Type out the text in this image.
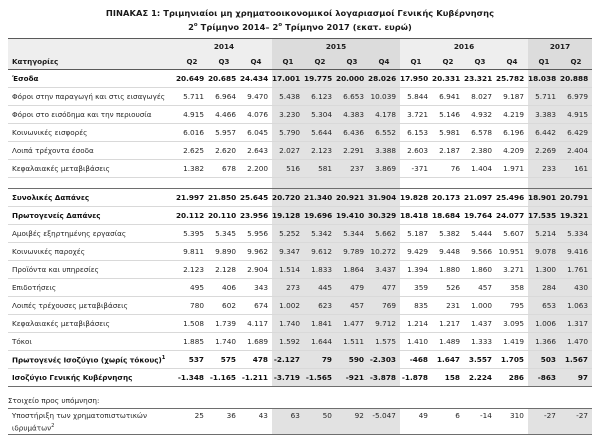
ΠΙΝΑΚΑΣ 1: Τριμηνιαίοι μη χρηματοοικονομικοί λογαριασμοί Γενικής Κυβέρνησης
$2^o$ Τρίμηνο 2014– $2^o$ Τρίμηνο 2017 (εκατ. ευρώ)
	2014			2015				2016				2017	
Κατηγορίες	Q2	Q3	Q4	Q1	Q2	Q3	Q4	Q1	Q2	Q3	Q4	Q1	Q2
Έσοδα	20.649	20.685	24.434	17.001	19.775	20.000	28.026	17.950	20.331	23.321	25.782	18.038	20.888
Φόροι στην παραγωγή και στις εισαγωγές	5.711	6.964	9.470	5.438	6.123	6.653	10.039	5.844	6.941	8.027	9.187	5.711	6.979
Φόροι στο εισόδημα και την περιουσία	4.915	4.466	4.076	3.230	5.304	4.383	4.178	3.721	5.146	4.932	4.219	3.383	4.915
Κοινωνικές εισφορές	6.016	5.957	6.045	5.790	5.644	6.436	6.552	6.153	5.981	6.578	6.196	6.442	6.429
Λοιπά τρέχοντα έσοδα	2.625	2.620	2.643	2.027	2.123	2.291	3.388	2.603	2.187	2.380	4.209	2.269	2.404
Κεφαλαιακές μεταβιβάσεις	1.382	678	2.200	516	581	237	3.869	-371	76	1.404	1.971	233	161

Συνολικές Δαπάνες	21.997	21.850	25.645	20.720	21.340	20.921	31.904	19.828	20.173	21.097	25.496	18.901	20.791
Πρωτογενείς Δαπάνες	20.112	20.110	23.956	19.128	19.696	19.410	30.329	18.418	18.684	19.764	24.077	17.535	19.321
Αμοιβές εξηρτημένης εργασίας	5.395	5.345	5.956	5.252	5.342	5.344	5.662	5.187	5.382	5.444	5.607	5.214	5.334
Κοινωνικές παροχές	9.811	9.890	9.962	9.347	9.612	9.789	10.272	9.429	9.448	9.566	10.951	9.078	9.416
Προϊόντα και υπηρεσίες	2.123	2.128	2.904	1.514	1.833	1.864	3.437	1.394	1.880	1.860	3.271	1.300	1.761
Επιδοτήσεις	495	406	343	273	445	479	477	359	526	457	358	284	430
Λοιπές τρέχουσες μεταβιβάσεις	780	602	674	1.002	623	457	769	835	231	1.000	795	653	1.063
Κεφαλαιακές μεταβιβάσεις	1.508	1.739	4.117	1.740	1.841	1.477	9.712	1.214	1.217	1.437	3.095	1.006	1.317
Τόκοι	1.885	1.740	1.689	1.592	1.644	1.511	1.575	1.410	1.489	1.333	1.419	1.366	1.470
Πρωτογενές Ισοζύγιο (χωρίς τόκους)$^1$	537	575	478	-2.127	79	590	-2.303	-468	1.647	3.557	1.705	503	1.567
Ισοζύγιο Γενικής Κυβέρνησης	-1.348	-1.165	-1.211	-3.719	-1.565	-921	-3.878	-1.878	158	2.224	286	-863	97
Στοιχείο προς υπόμνηση:
Υποστήριξη των χρηματοπιστωτικών
ιδρυμάτων$^2$	25	36	43	63	50	92	-5.047	49	6	-14	310	-27	-27
